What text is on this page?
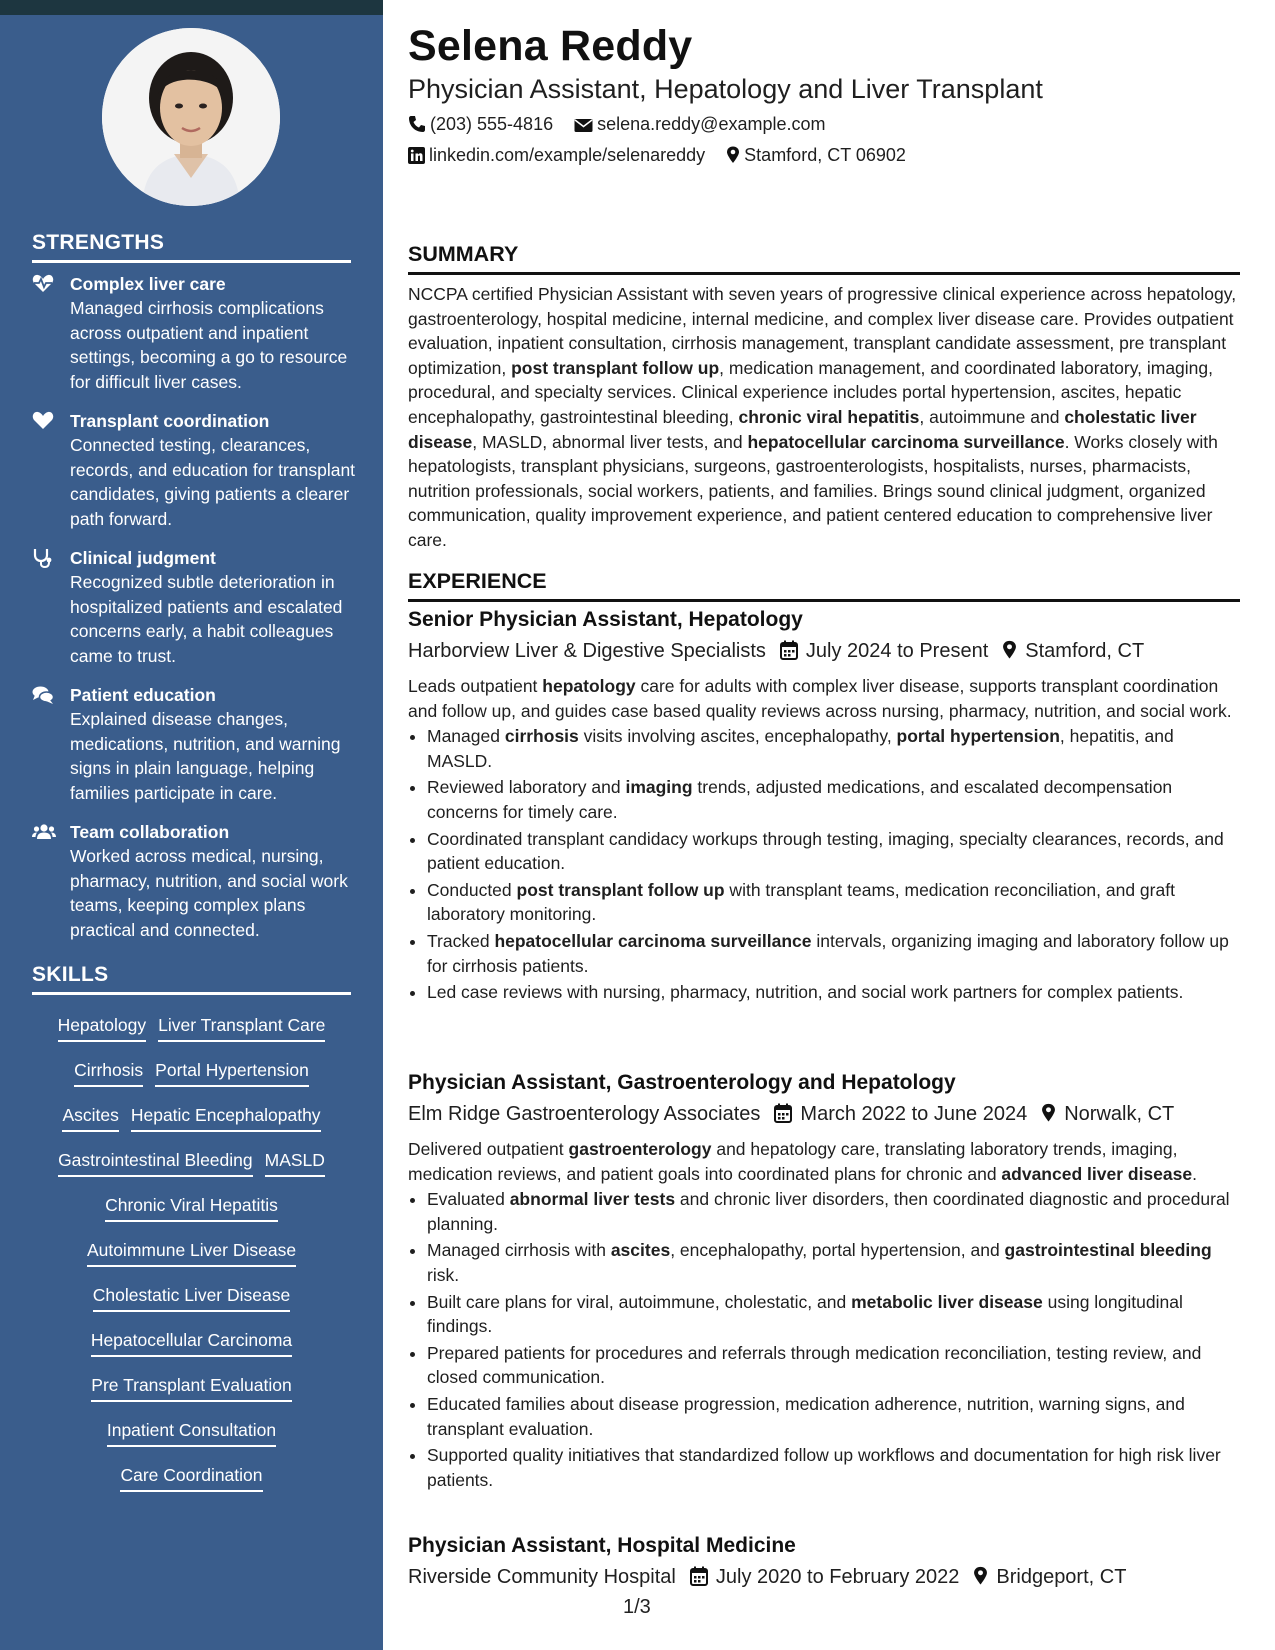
STRENGTHS
Complex liver care
Managed cirrhosis complications across outpatient and inpatient settings, becoming a go to resource for difficult liver cases.
Transplant coordination
Connected testing, clearances, records, and education for transplant candidates, giving patients a clearer path forward.
Clinical judgment
Recognized subtle deterioration in hospitalized patients and escalated concerns early, a habit colleagues came to trust.
Patient education
Explained disease changes, medications, nutrition, and warning signs in plain language, helping families participate in care.
Team collaboration
Worked across medical, nursing, pharmacy, nutrition, and social work teams, keeping complex plans practical and connected.
SKILLS
Hepatology Liver Transplant Care
Cirrhosis Portal Hypertension
Ascites Hepatic Encephalopathy
Gastrointestinal Bleeding MASLD
Chronic Viral Hepatitis
Autoimmune Liver Disease
Cholestatic Liver Disease
Hepatocellular Carcinoma
Pre Transplant Evaluation
Inpatient Consultation
Care Coordination
Selena Reddy
Physician Assistant, Hepatology and Liver Transplant
(203) 555-4816 selena.reddy@example.com
linkedin.com/example/selenareddy Stamford, CT 06902
SUMMARY
NCCPA certified Physician Assistant with seven years of progressive clinical experience across hepatology, gastroenterology, hospital medicine, internal medicine, and complex liver disease care. Provides outpatient evaluation, inpatient consultation, cirrhosis management, transplant candidate assessment, pre transplant optimization, post transplant follow up, medication management, and coordinated laboratory, imaging, procedural, and specialty services. Clinical experience includes portal hypertension, ascites, hepatic encephalopathy, gastrointestinal bleeding, chronic viral hepatitis, autoimmune and cholestatic liver disease, MASLD, abnormal liver tests, and hepatocellular carcinoma surveillance. Works closely with hepatologists, transplant physicians, surgeons, gastroenterologists, hospitalists, nurses, pharmacists, nutrition professionals, social workers, patients, and families. Brings sound clinical judgment, organized communication, quality improvement experience, and patient centered education to comprehensive liver care.
EXPERIENCE
Senior Physician Assistant, Hepatology
Harborview Liver & Digestive Specialists July 2024 to Present Stamford, CT
Leads outpatient hepatology care for adults with complex liver disease, supports transplant coordination and follow up, and guides case based quality reviews across nursing, pharmacy, nutrition, and social work.
• Managed cirrhosis visits involving ascites, encephalopathy, portal hypertension, hepatitis, and MASLD.
• Reviewed laboratory and imaging trends, adjusted medications, and escalated decompensation concerns for timely care.
• Coordinated transplant candidacy workups through testing, imaging, specialty clearances, records, and patient education.
• Conducted post transplant follow up with transplant teams, medication reconciliation, and graft laboratory monitoring.
• Tracked hepatocellular carcinoma surveillance intervals, organizing imaging and laboratory follow up for cirrhosis patients.
• Led case reviews with nursing, pharmacy, nutrition, and social work partners for complex patients.
Physician Assistant, Gastroenterology and Hepatology
Elm Ridge Gastroenterology Associates March 2022 to June 2024 Norwalk, CT
Delivered outpatient gastroenterology and hepatology care, translating laboratory trends, imaging, medication reviews, and patient goals into coordinated plans for chronic and advanced liver disease.
• Evaluated abnormal liver tests and chronic liver disorders, then coordinated diagnostic and procedural planning.
• Managed cirrhosis with ascites, encephalopathy, portal hypertension, and gastrointestinal bleeding risk.
• Built care plans for viral, autoimmune, cholestatic, and metabolic liver disease using longitudinal findings.
• Prepared patients for procedures and referrals through medication reconciliation, testing review, and closed communication.
• Educated families about disease progression, medication adherence, nutrition, warning signs, and transplant evaluation.
• Supported quality initiatives that standardized follow up workflows and documentation for high risk liver patients.
Physician Assistant, Hospital Medicine
Riverside Community Hospital July 2020 to February 2022 Bridgeport, CT
1/3
